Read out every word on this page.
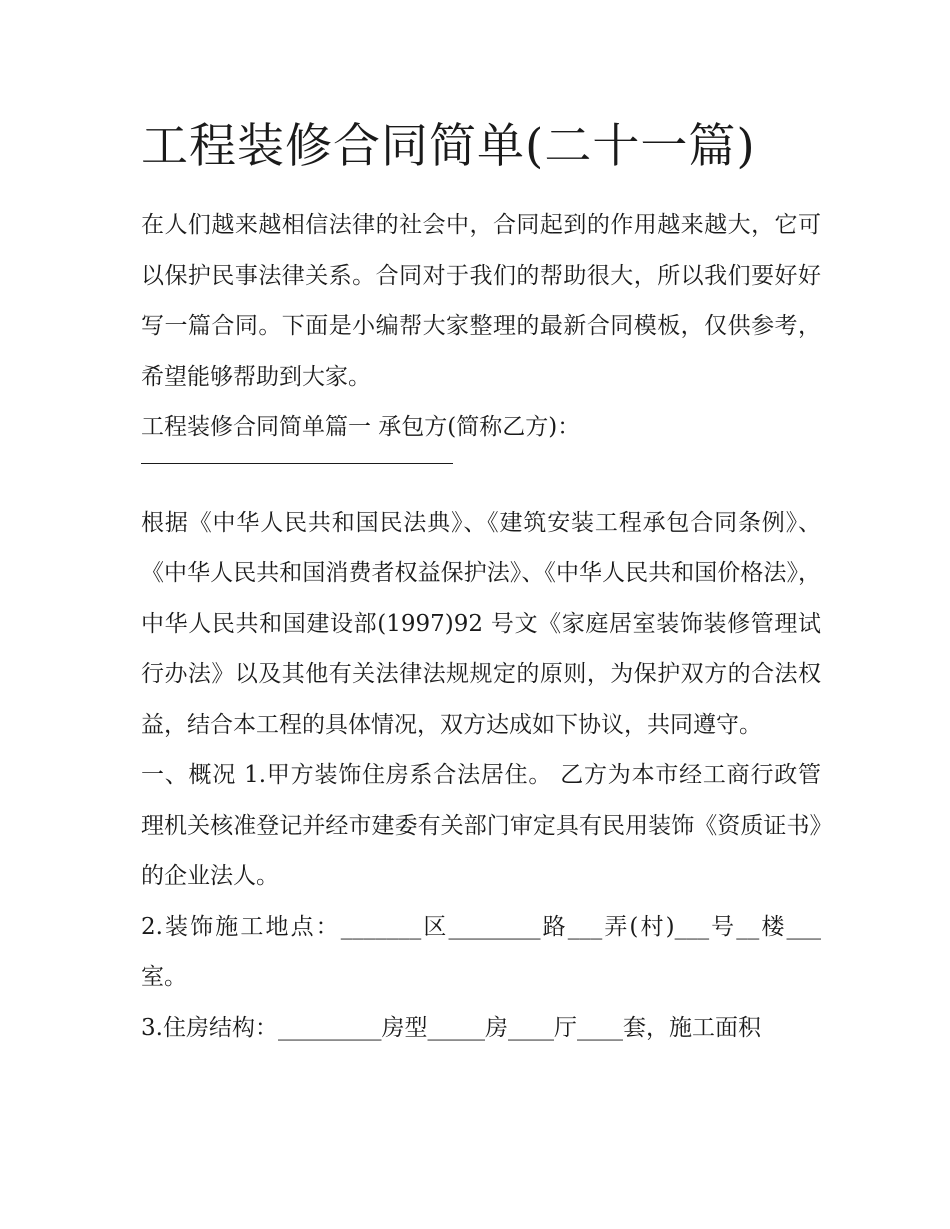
工程装修合同简单(二十一篇)

在人们越来越相信法律的社会中，合同起到的作用越来越大，它可以保护民事法律关系。合同对于我们的帮助很大，所以我们要好好写一篇合同。下面是小编帮大家整理的最新合同模板，仅供参考，希望能够帮助到大家。

工程装修合同简单篇一 承包方(简称乙方)：

根据《中华人民共和国民法典》、《建筑安装工程承包合同条例》、《中华人民共和国消费者权益保护法》、《中华人民共和国价格法》，中华人民共和国建设部(1997)92 号文《家庭居室装饰装修管理试行办法》以及其他有关法律法规规定的原则，为保护双方的合法权益，结合本工程的具体情况，双方达成如下协议，共同遵守。

一、概况 1.甲方装饰住房系合法居住。 乙方为本市经工商行政管理机关核准登记并经市建委有关部门审定具有民用装饰《资质证书》的企业法人。

2.装饰施工地点：_______区________路___弄(村)___号__楼___室。

3.住房结构：_________房型_____房____厅____套，施工面积
